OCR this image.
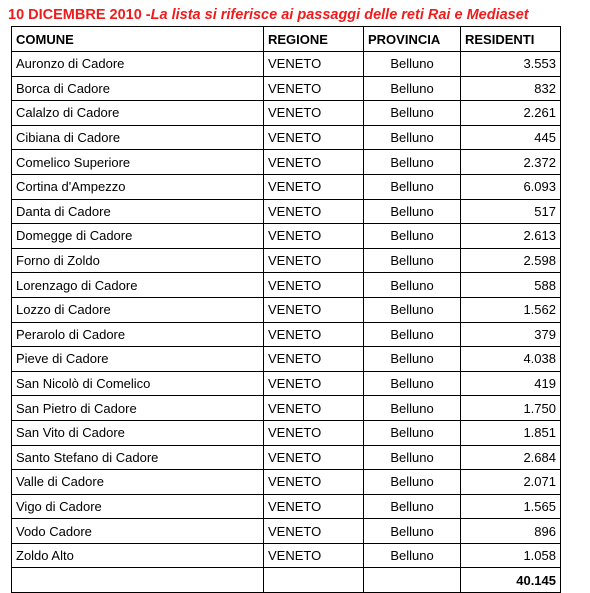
10 DICEMBRE 2010 -La lista si riferisce ai passaggi delle reti Rai e Mediaset
COMUNE	REGIONE	PROVINCIA	RESIDENTI
Auronzo di Cadore	VENETO	Belluno	3.553
Borca di Cadore	VENETO	Belluno	832
Calalzo di Cadore	VENETO	Belluno	2.261
Cibiana di Cadore	VENETO	Belluno	445
Comelico Superiore	VENETO	Belluno	2.372
Cortina d'Ampezzo	VENETO	Belluno	6.093
Danta di Cadore	VENETO	Belluno	517
Domegge di Cadore	VENETO	Belluno	2.613
Forno di Zoldo	VENETO	Belluno	2.598
Lorenzago di Cadore	VENETO	Belluno	588
Lozzo di Cadore	VENETO	Belluno	1.562
Perarolo di Cadore	VENETO	Belluno	379
Pieve di Cadore	VENETO	Belluno	4.038
San Nicolò di Comelico	VENETO	Belluno	419
San Pietro di Cadore	VENETO	Belluno	1.750
San Vito di Cadore	VENETO	Belluno	1.851
Santo Stefano di Cadore	VENETO	Belluno	2.684
Valle di Cadore	VENETO	Belluno	2.071
Vigo di Cadore	VENETO	Belluno	1.565
Vodo Cadore	VENETO	Belluno	896
Zoldo Alto	VENETO	Belluno	1.058
			40.145
